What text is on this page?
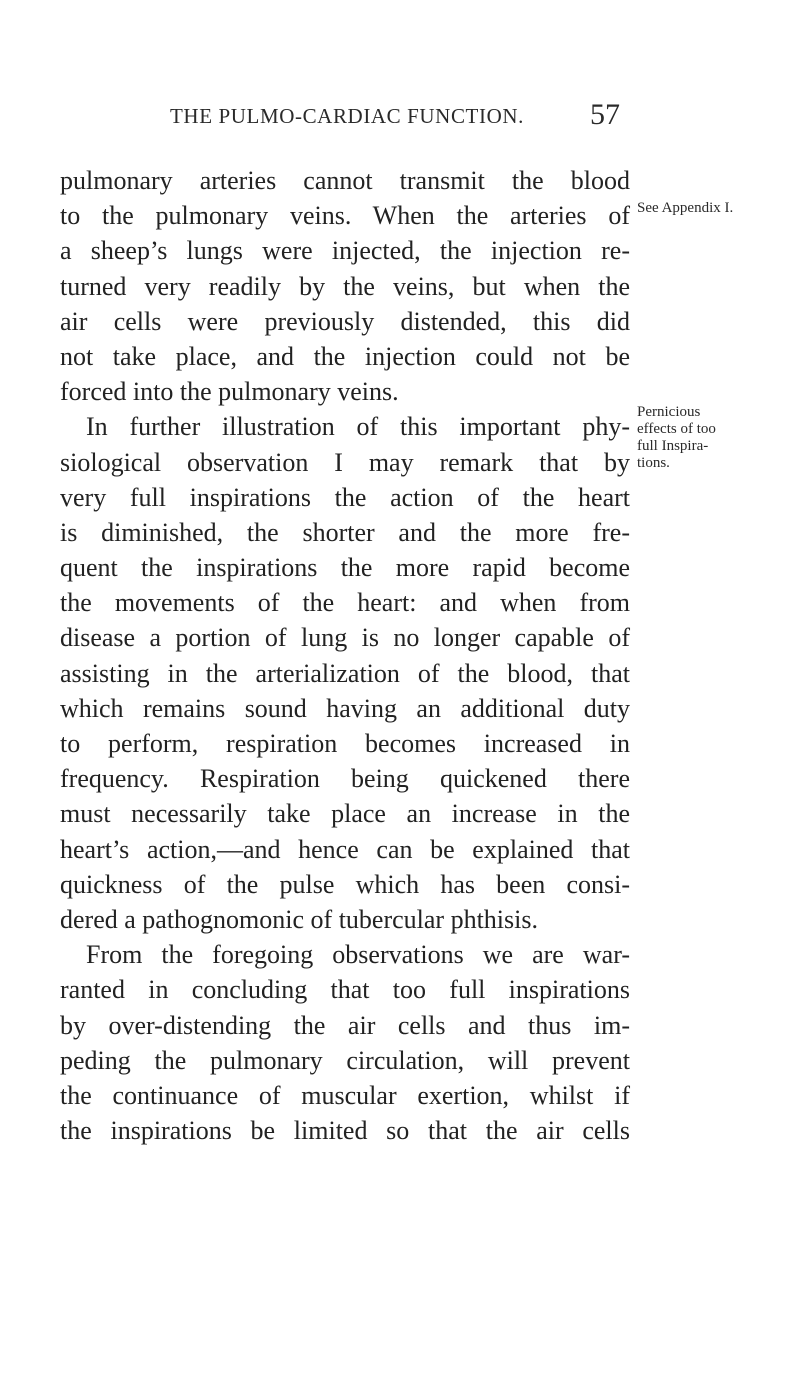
THE PULMO-CARDIAC FUNCTION. 57
pulmonary arteries cannot transmit the blood
to the pulmonary veins. When the arteries of
a sheep’s lungs were injected, the injection re-
turned very readily by the veins, but when the
air cells were previously distended, this did
not take place, and the injection could not be
forced into the pulmonary veins.
In further illustration of this important phy-
siological observation I may remark that by
very full inspirations the action of the heart
is diminished, the shorter and the more fre-
quent the inspirations the more rapid become
the movements of the heart: and when from
disease a portion of lung is no longer capable of
assisting in the arterialization of the blood, that
which remains sound having an additional duty
to perform, respiration becomes increased in
frequency. Respiration being quickened there
must necessarily take place an increase in the
heart’s action,—and hence can be explained that
quickness of the pulse which has been consi-
dered a pathognomonic of tubercular phthisis.
From the foregoing observations we are war-
ranted in concluding that too full inspirations
by over-distending the air cells and thus im-
peding the pulmonary circulation, will prevent
the continuance of muscular exertion, whilst if
the inspirations be limited so that the air cells
See Appendix I.
Pernicious
effects of too
full Inspira-
tions.
